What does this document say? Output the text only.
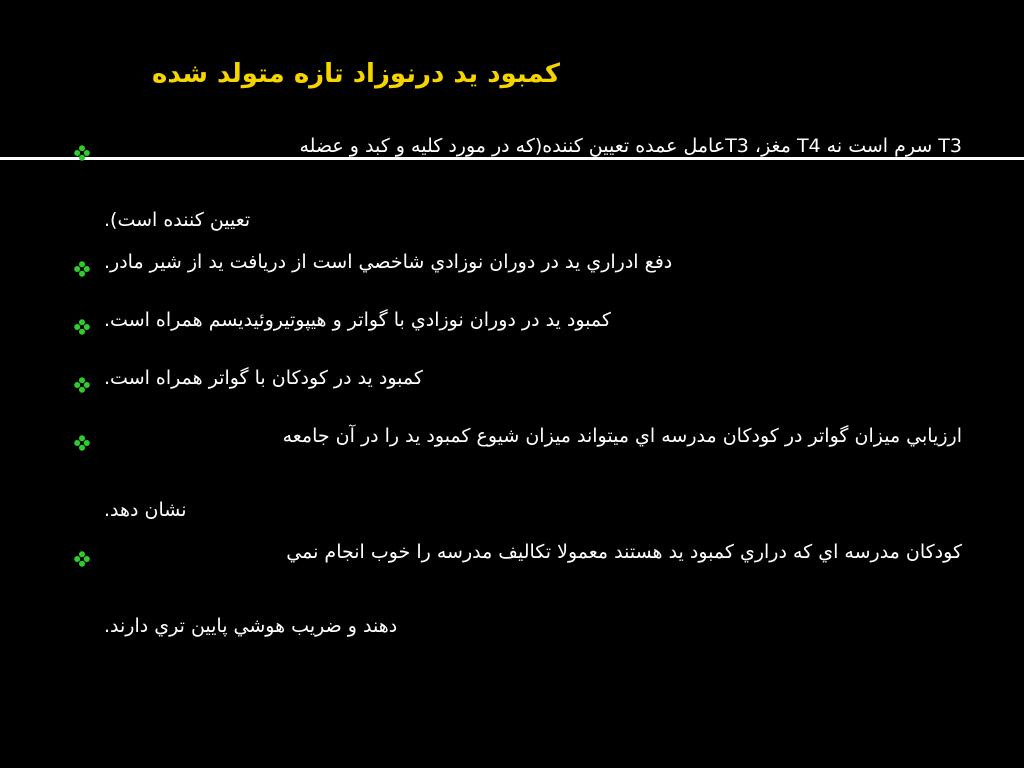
کمبود ید درنوزاد تازه متولد شده
T3 سرم است نه T4 مغز، T3عامل عمده تعیین کننده(که در مورد کلیه و کبد و عضله
تعیین کننده است).
دفع ادراري يد در دوران نوزادي شاخصي است از دريافت يد از شير مادر.
كمبود يد در دوران نوزادي با گواتر و هيپوتيروئيديسم همراه است.
كمبود يد در كودكان با گواتر همراه است.
ارزيابي ميزان گواتر در كودكان مدرسه اي ميتواند ميزان شيوع كمبود يد را در آن جامعه
نشان دهد.
كودكان مدرسه اي كه دراري كمبود يد هستند معمولا تكاليف مدرسه را خوب انجام نمي
دهند و ضريب هوشي پايين تري دارند.
